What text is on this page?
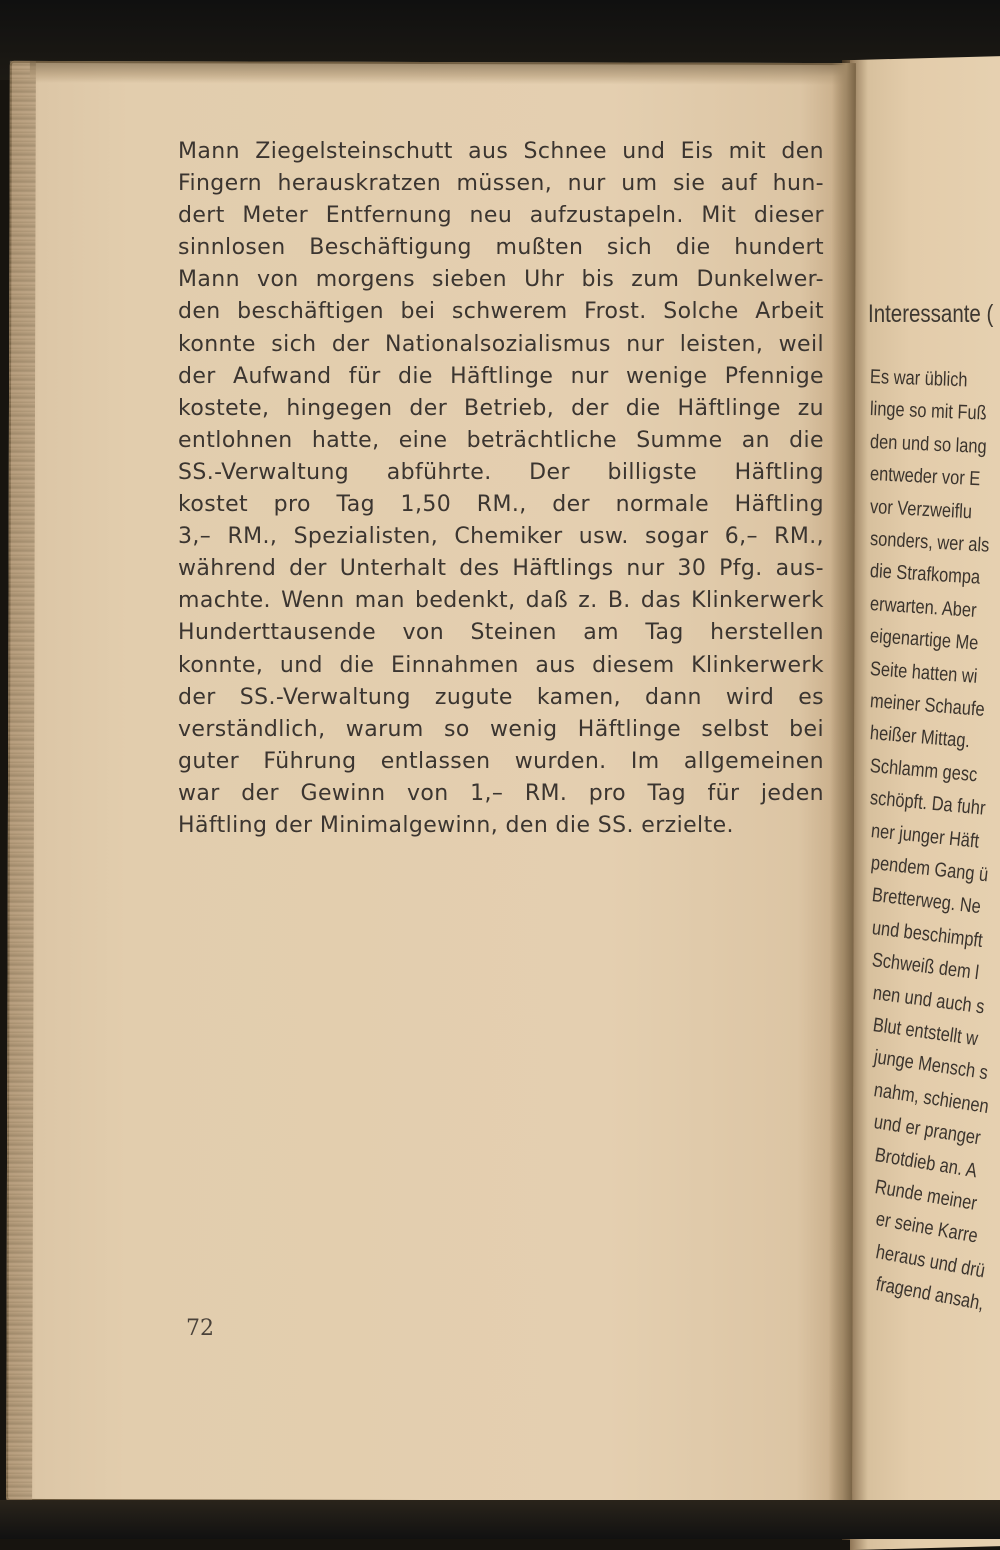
Interessante (
Es war üblich
linge so mit Fuß
den und so lang
entweder vor E
vor Verzweiflu
sonders, wer als
die Strafkompa
erwarten. Aber
eigenartige Me
Seite hatten wi
meiner Schaufe
heißer Mittag.
Schlamm gesc
schöpft. Da fuhr
ner junger Häft
pendem Gang ü
Bretterweg. Ne
und beschimpft
Schweiß dem l
nen und auch s
Blut entstellt w
junge Mensch s
nahm, schienen
und er pranger
Brotdieb an. A
Runde meiner
er seine Karre
heraus und drü
fragend ansah,
Mann Ziegelsteinschutt aus Schnee und Eis mit den
Fingern herauskratzen müssen, nur um sie auf hun-
dert Meter Entfernung neu aufzustapeln. Mit dieser
sinnlosen Beschäftigung mußten sich die hundert
Mann von morgens sieben Uhr bis zum Dunkelwer-
den beschäftigen bei schwerem Frost. Solche Arbeit
konnte sich der Nationalsozialismus nur leisten, weil
der Aufwand für die Häftlinge nur wenige Pfennige
kostete, hingegen der Betrieb, der die Häftlinge zu
entlohnen hatte, eine beträchtliche Summe an die
SS.-Verwaltung abführte. Der billigste Häftling
kostet pro Tag 1,50 RM., der normale Häftling
3,– RM., Spezialisten, Chemiker usw. sogar 6,– RM.,
während der Unterhalt des Häftlings nur 30 Pfg. aus-
machte. Wenn man bedenkt, daß z. B. das Klinkerwerk
Hunderttausende von Steinen am Tag herstellen
konnte, und die Einnahmen aus diesem Klinkerwerk
der SS.-Verwaltung zugute kamen, dann wird es
verständlich, warum so wenig Häftlinge selbst bei
guter Führung entlassen wurden. Im allgemeinen
war der Gewinn von 1,– RM. pro Tag für jeden
Häftling der Minimalgewinn, den die SS. erzielte.
72
